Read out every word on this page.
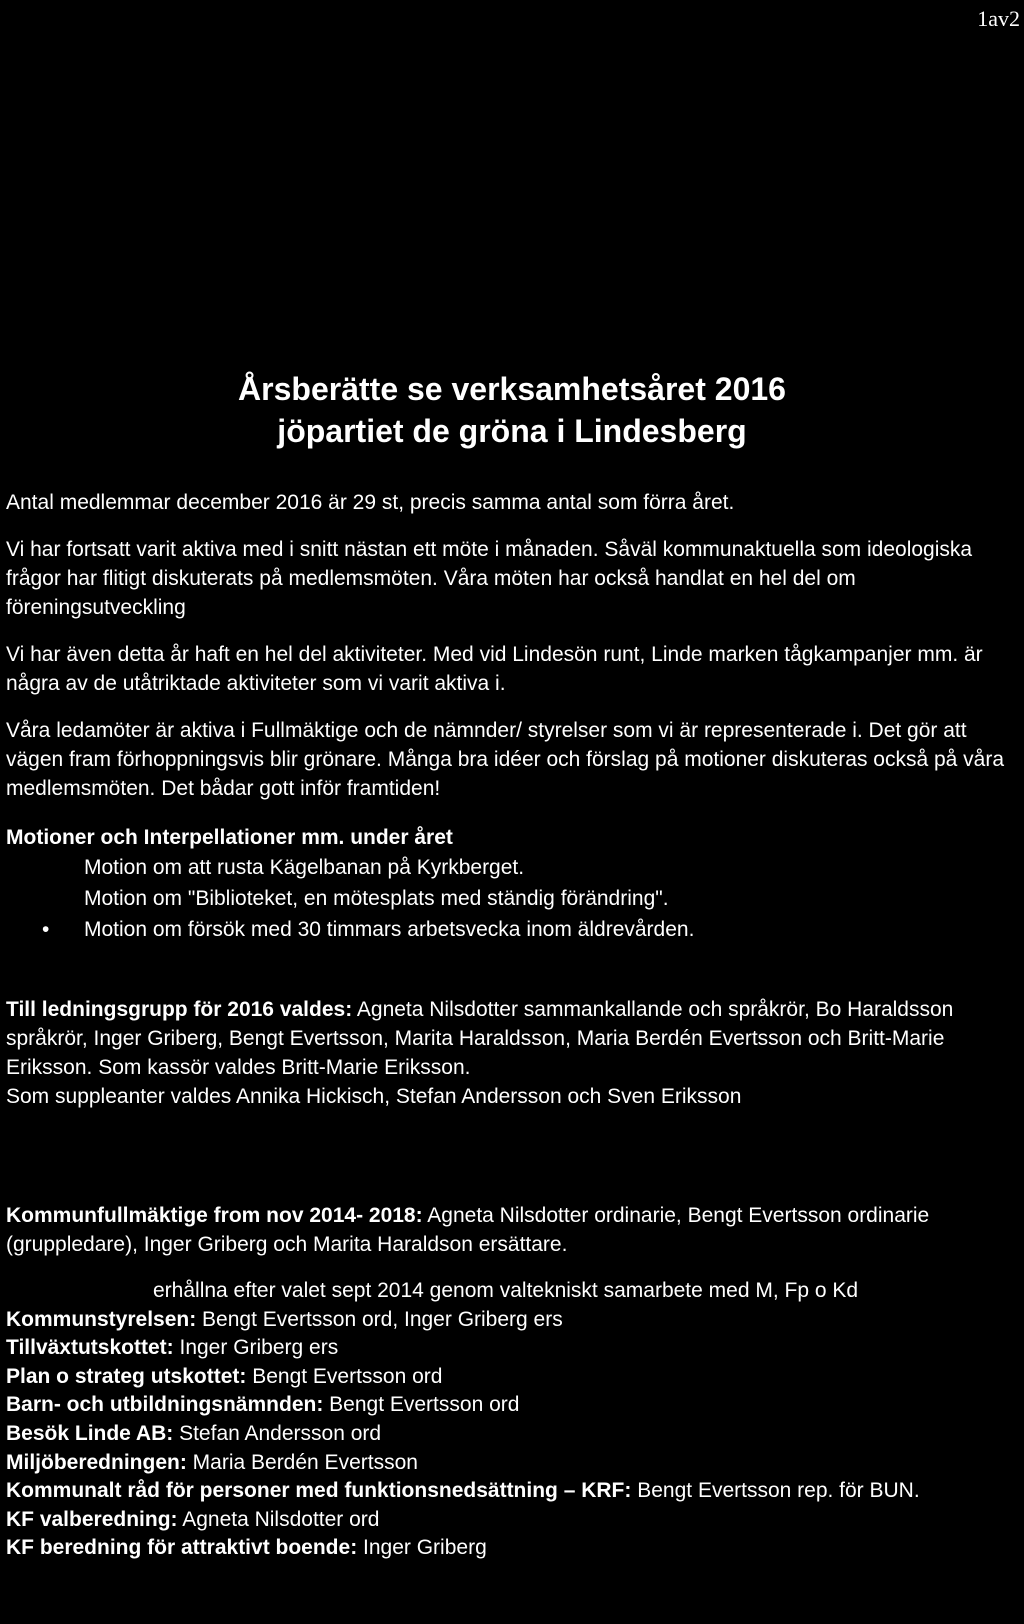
1av2
Årsberätte se verksamhetsåret 2016
jöpartiet de gröna i Lindesberg

Antal medlemmar december 2016 är 29 st, precis samma antal som förra året.

Vi har fortsatt varit aktiva med i snitt nästan ett möte i månaden. Såväl kommunaktuella som ideologiska frågor har flitigt diskuterats på medlemsmöten. Våra möten har också handlat en hel del om föreningsutveckling

Vi har även detta år haft en hel del aktiviteter. Med vid Lindesön runt, Linde marken tågkampanjer mm. är några av de utåtriktade aktiviteter som vi varit aktiva i.

Våra ledamöter är aktiva i Fullmäktige och de nämnder/ styrelser som vi är representerade i. Det gör att vägen fram förhoppningsvis blir grönare. Många bra idéer och förslag på motioner diskuteras också på våra medlemsmöten. Det bådar gott inför framtiden!

Motioner och Interpellationer mm. under året
Motion om att rusta Kägelbanan på Kyrkberget.
Motion om "Biblioteket, en mötesplats med ständig förändring".
• Motion om försök med 30 timmars arbetsvecka inom äldrevården.

Till ledningsgrupp för 2016 valdes: Agneta Nilsdotter sammankallande och språkrör, Bo Haraldsson språkrör, Inger Griberg, Bengt Evertsson, Marita Haraldsson, Maria Berdén Evertsson och Britt-Marie Eriksson. Som kassör valdes Britt-Marie Eriksson.

Som suppleanter valdes Annika Hickisch, Stefan Andersson och Sven Eriksson

Kommunfullmäktige from nov 2014- 2018: Agneta Nilsdotter ordinarie, Bengt Evertsson ordinarie (gruppledare), Inger Griberg och Marita Haraldson ersättare.

erhållna efter valet sept 2014 genom valtekniskt samarbete med M, Fp o Kd
Kommunstyrelsen: Bengt Evertsson ord, Inger Griberg ers
Tillväxtutskottet: Inger Griberg ers
Plan o strateg utskottet: Bengt Evertsson ord
Barn- och utbildningsnämnden: Bengt Evertsson ord
Besök Linde AB: Stefan Andersson ord
Miljöberedningen: Maria Berdén Evertsson
Kommunalt råd för personer med funktionsnedsättning – KRF: Bengt Evertsson rep. för BUN.
KF valberedning: Agneta Nilsdotter ord
KF beredning för attraktivt boende: Inger Griberg
